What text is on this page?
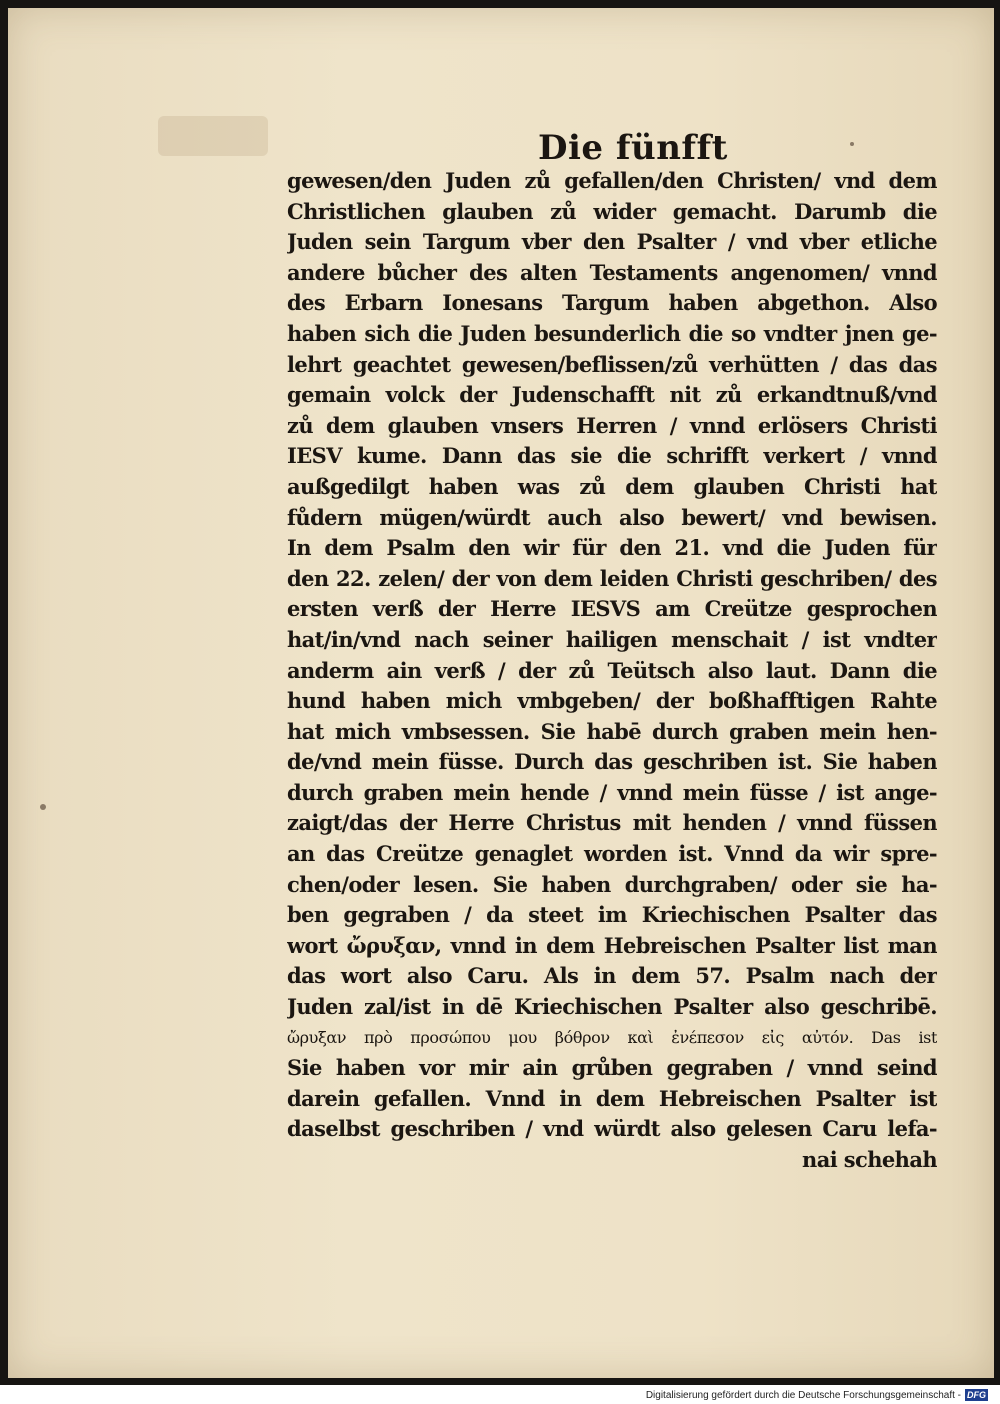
Die fünfft
gewesen/den Juden zů gefallen/den Christen/ vnd dem
Christlichen glauben zů wider gemacht. Darumb die
Juden sein Targum vber den Psalter / vnd vber etliche
andere bůcher des alten Testaments angenomen/ vnnd
des Erbarn Ionesans Targum haben abgethon. Also
haben sich die Juden besunderlich die so vndter jnen ge-
lehrt geachtet gewesen/beflissen/zů verhütten / das das
gemain volck der Judenschafft nit zů erkandtnuß/vnd
zů dem glauben vnsers Herren / vnnd erlösers Christi
IESV kume. Dann das sie die schrifft verkert / vnnd
außgedilgt haben was zů dem glauben Christi hat
fůdern mügen/würdt auch also bewert/ vnd bewisen.
In dem Psalm den wir für den 21. vnd die Juden für
den 22. zelen/ der von dem leiden Christi geschriben/ des
ersten verß der Herre IESVS am Creütze gesprochen
hat/in/vnd nach seiner hailigen menschait / ist vndter
anderm ain verß / der zů Teütsch also laut. Dann die
hund haben mich vmbgeben/ der boßhafftigen Rahte
hat mich vmbsessen. Sie habē durch graben mein hen-
de/vnd mein füsse. Durch das geschriben ist. Sie haben
durch graben mein hende / vnnd mein füsse / ist ange-
zaigt/das der Herre Christus mit henden / vnnd füssen
an das Creütze genaglet worden ist. Vnnd da wir spre-
chen/oder lesen. Sie haben durchgraben/ oder sie ha-
ben gegraben / da steet im Kriechischen Psalter das
wort ὤρυξαν, vnnd in dem Hebreischen Psalter list man
das wort also Caru. Als in dem 57. Psalm nach der
Juden zal/ist in dē Kriechischen Psalter also geschribē.
ὤρυξαν πρὸ προσώπου μου βόθρον καὶ ἐνέπεσον εἰς αὐτόν. Das ist
Sie haben vor mir ain grůben gegraben / vnnd seind
darein gefallen. Vnnd in dem Hebreischen Psalter ist
daselbst geschriben / vnd würdt also gelesen Caru lefa-
nai schehah
Digitalisierung gefördert durch die Deutsche Forschungsgemeinschaft - DFG
